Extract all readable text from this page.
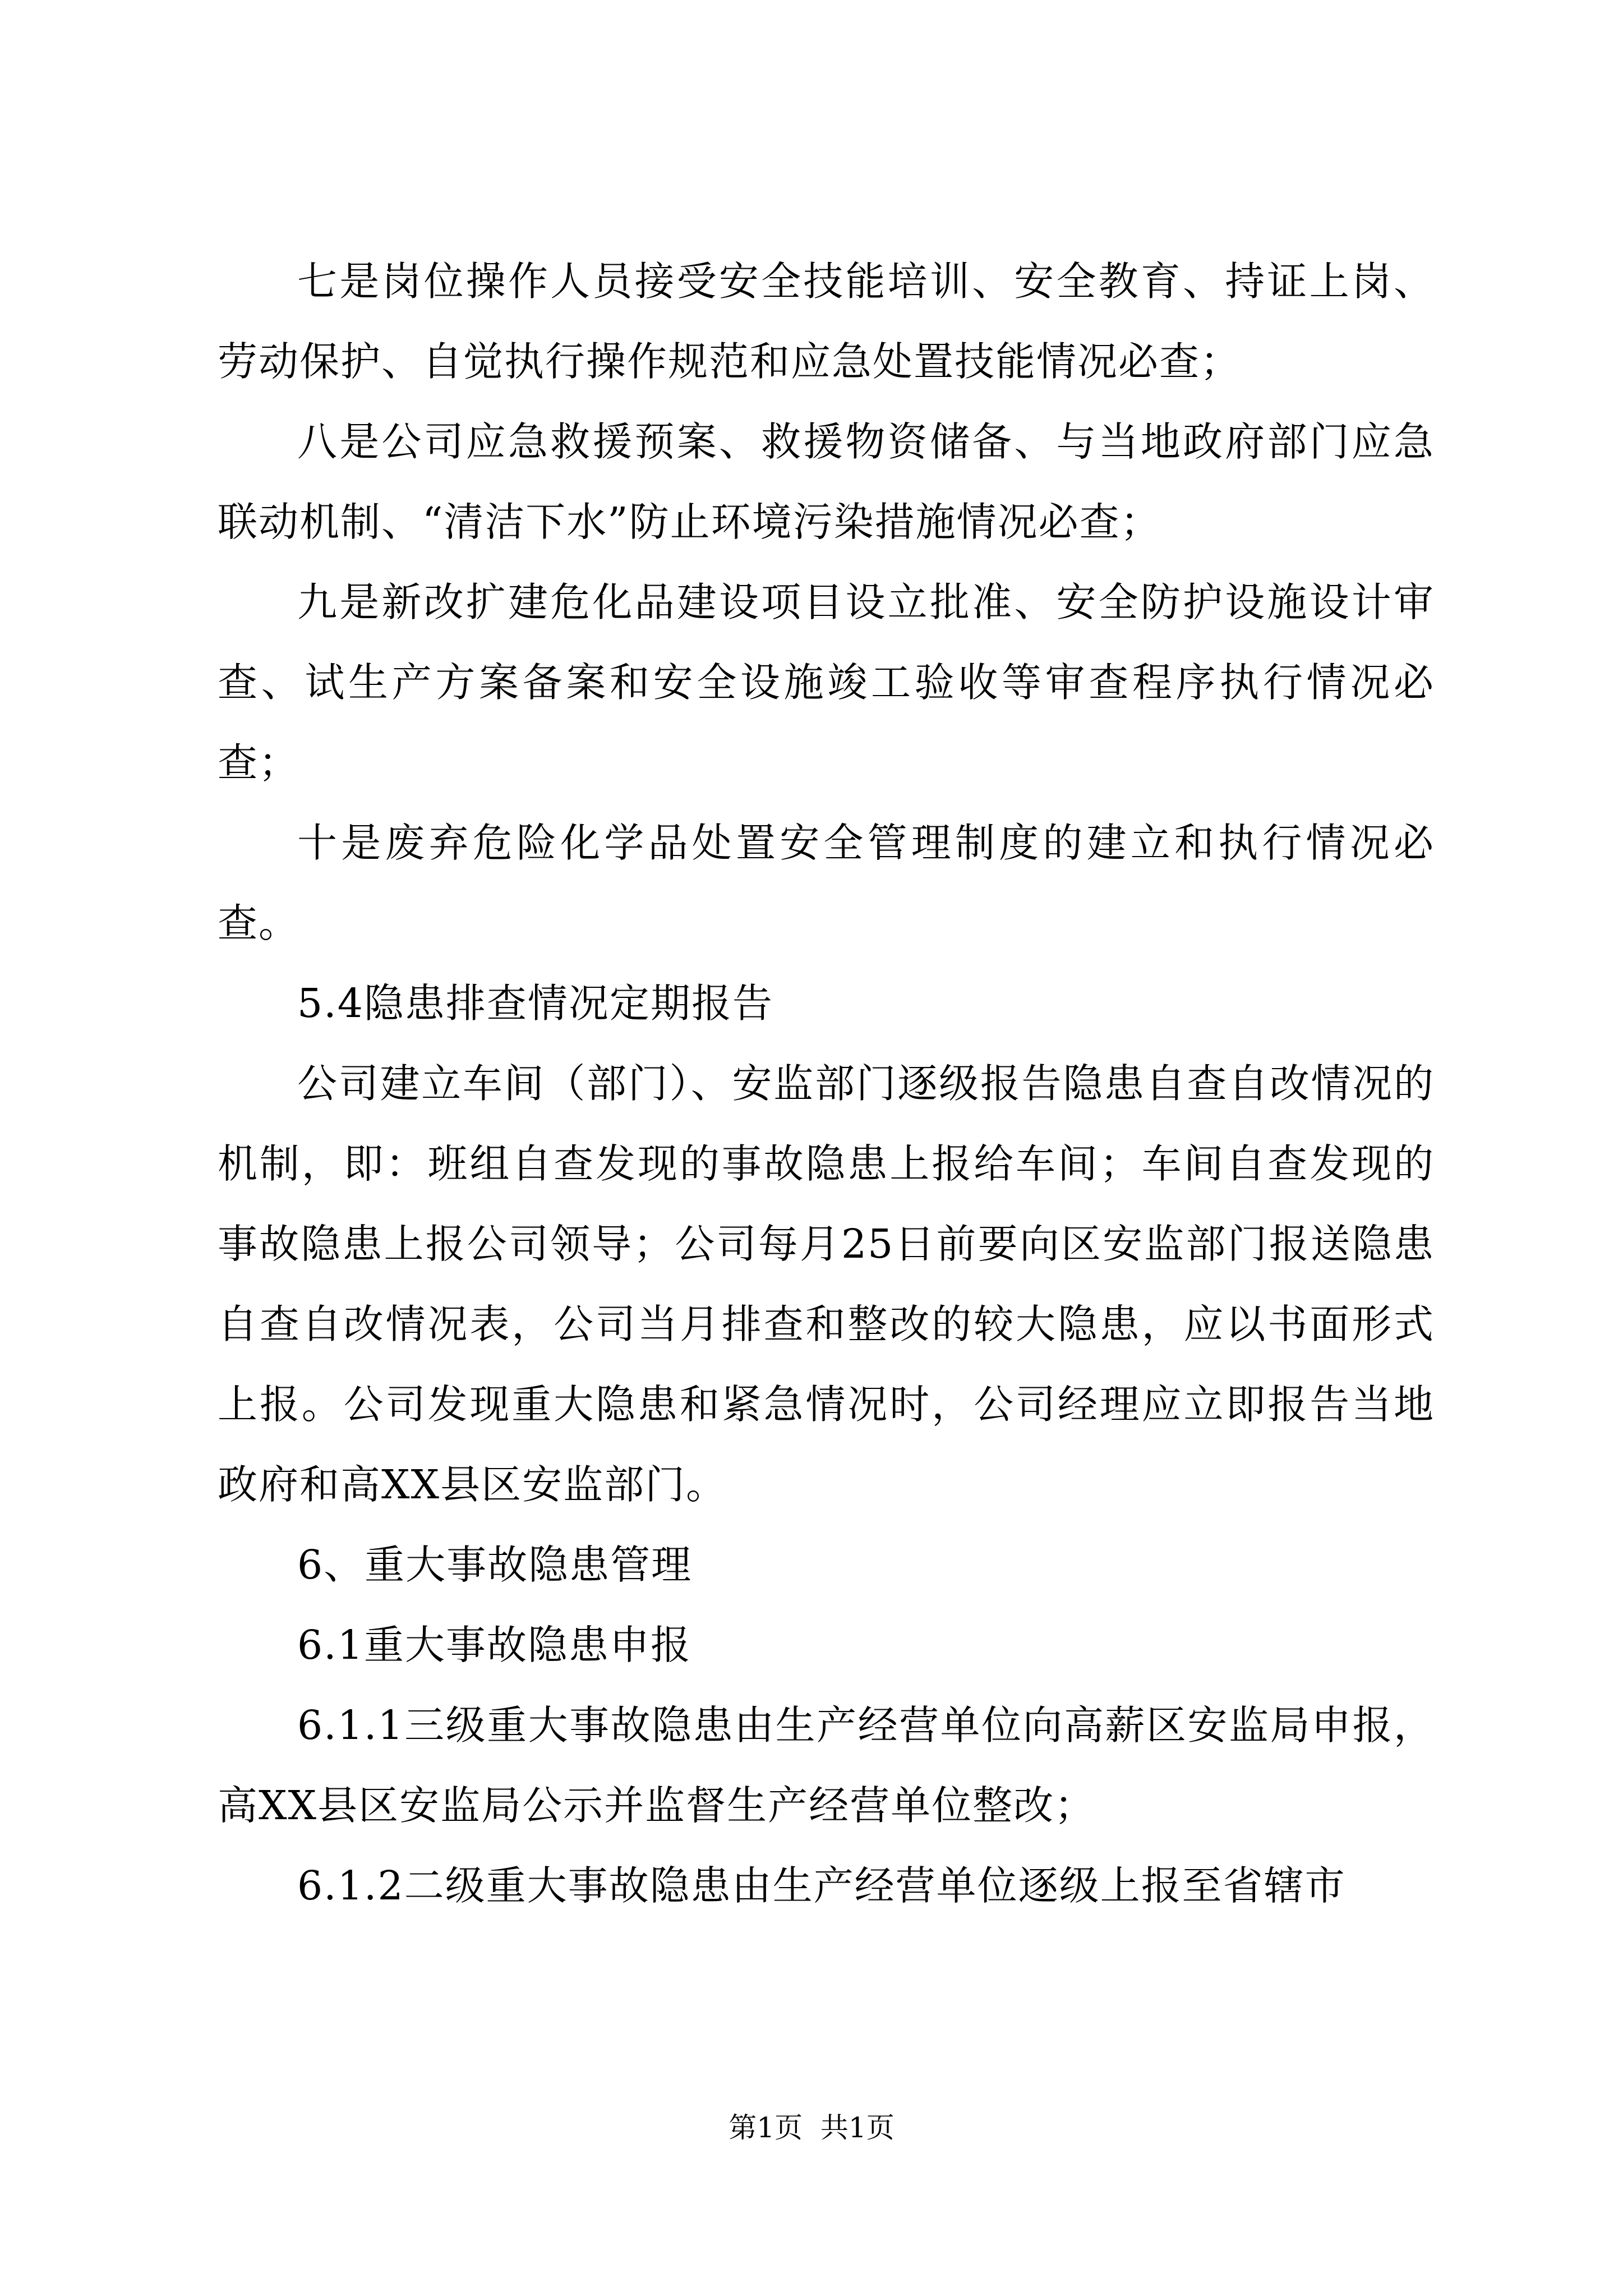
七是岗位操作人员接受安全技能培训、安全教育、持证上岗、劳动保护、自觉执行操作规范和应急处置技能情况必查；

八是公司应急救援预案、救援物资储备、与当地政府部门应急联动机制、“清洁下水”防止环境污染措施情况必查；

九是新改扩建危化品建设项目设立批准、安全防护设施设计审查、试生产方案备案和安全设施竣工验收等审查程序执行情况必查；

十是废弃危险化学品处置安全管理制度的建立和执行情况必查。

5.4隐患排查情况定期报告

公司建立车间（部门）、安监部门逐级报告隐患自查自改情况的机制，即：班组自查发现的事故隐患上报给车间；车间自查发现的事故隐患上报公司领导；公司每月25日前要向区安监部门报送隐患自查自改情况表，公司当月排查和整改的较大隐患，应以书面形式上报。公司发现重大隐患和紧急情况时，公司经理应立即报告当地政府和高XX县区安监部门。

6、重大事故隐患管理

6.1重大事故隐患申报

6.1.1三级重大事故隐患由生产经营单位向高薪区安监局申报，高XX县区安监局公示并监督生产经营单位整改；

6.1.2二级重大事故隐患由生产经营单位逐级上报至省辖市

第1页  共1页
